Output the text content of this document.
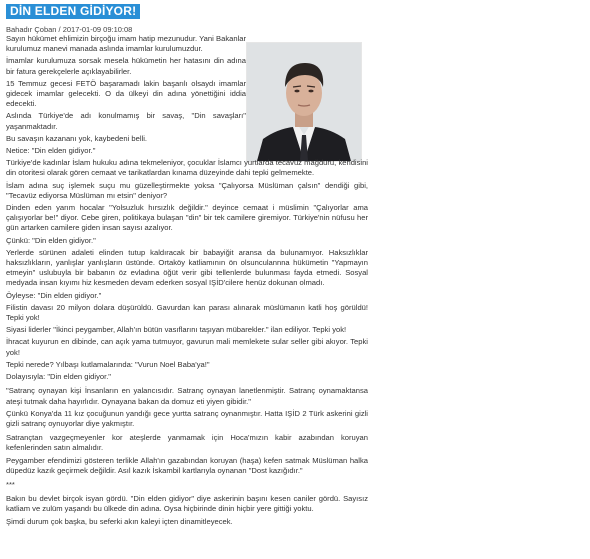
DİN ELDEN GİDİYOR!
Bahadır Çoban / 2017-01-09 09:10:08

Sayın hükümet ehlimizin birçoğu imam hatip mezunudur. Yani Bakanlar kurulumuz manevi manada aslında imamlar kurulumuzdur.

İmamlar kurulumuza sorsak mesela hükümetin her hatasını din adına bir fatura gerekçelerle açıklayabilirler.

15 Temmuz gecesi FETÖ başaramadı lakin başarılı olsaydı imamlar gidecek imamlar gelecekti. O da ülkeyi din adına yönettiğini iddia edecekti.

Aslında Türkiye'de adı konulmamış bir savaş, "Din savaşları" yaşanmaktadır.

Bu savaşın kazananı yok, kaybedeni belli.

Netice: "Din elden gidiyor."

Türkiye'de kadınlar İslam hukuku adına tekmeleniyor, çocuklar İslamcı yurtlarda tecavüz mağduru, kendisini din otoritesi olarak gören cemaat ve tarikatlardan kınama düzeyinde dahi tepki gelmemekte.

İslam adına suç işlemek suçu mu güzelleştirmekte yoksa "Çalıyorsa Müslüman çalsın" dendiği gibi, "Tecavüz ediyorsa Müslüman mı etsin" deniyor?

Dinden eden yarım hocalar "Yolsuzluk hırsızlık değildir." deyince cemaat i müslimin "Çalıyorlar ama çalışıyorlar be!" diyor. Cebe giren, politikaya bulaşan "din" bir tek camilere giremiyor. Türkiye'nin nüfusu her gün artarken camilere giden insan sayısı azalıyor.

Çünkü: "Din elden gidiyor."

Yerlerde sürünen adaleti elinden tutup kaldıracak bir babayiğit aransa da bulunamıyor. Haksızlıklar haksızlıkların, yanlışlar yanlışların üstünde. Ortaköy katliamının ön olsunculannna hükümetin "Yapmayın etmeyin" uslubuyla bir babanın öz evladına öğüt verir gibi tellenlerde bulunması fayda etmedi. Sosyal medyada insan kıyımı hiz kesmeden devam ederken sosyal IŞİD'cilere henüz dokunan olmadı.

Öyleyse: "Din elden gidiyor."

Filistin davası 20 milyon dolara düşürüldü. Gavurdan kan parası alınarak müslümanın katli hoş görüldü! Tepki yok!

Siyasi liderler "İkinci peygamber, Allah'ın bütün vasıflarını taşıyan mübarekler." ilan ediliyor. Tepki yok!

İhracat kuyurun en dibinde, can açık yama tutmuyor, gavurun mali memlekete sular seller gibi akıyor. Tepki yok!

Tepki nerede? Yılbaşı kutlamalarında: "Vurun Noel Baba'ya!"

Dolayısıyla: "Din elden gidiyor."

"Satranç oynayan kişi İnsanların en yalancısıdır. Satranç oynayan lanetlenmiştir. Satranç oynamaktansa ateşi tutmak daha hayırlıdır. Oynayana bakan da domuz eti yiyen gibidir."

Çünkü Konya'da 11 kız çocuğunun yandığı gece yurtta satranç oynanmıştır. Hatta IŞİD 2 Türk askerini gizli gizli satranç oynuyorlar diye yakmıştır.

Satrançtan vazgeçmeyenler kor ateşlerde yanmamak için Hoca'mızın kabir azabından koruyan kefenlerinden satın almalıdır.

Peygamber efendimizi gösteren terlikle Allah'ın gazabından koruyan (haşa) kefen satmak Müslüman halka düpedüz kazık geçirmek değildir. Asıl kazık İskambil kartlarıyla oynanan "Dost kazığıdır."

***

Bakın bu devlet birçok isyan gördü. "Din elden gidiyor" diye askerinin başını kesen caniler gördü. Sayısız katliam ve zulüm yaşandı bu ülkede din adına. Oysa hiçbirinde dinin hiçbir yere gittiği yoktu.

Şimdi durum çok başka, bu seferki akın kaleyi içten dinamitleyecek.
